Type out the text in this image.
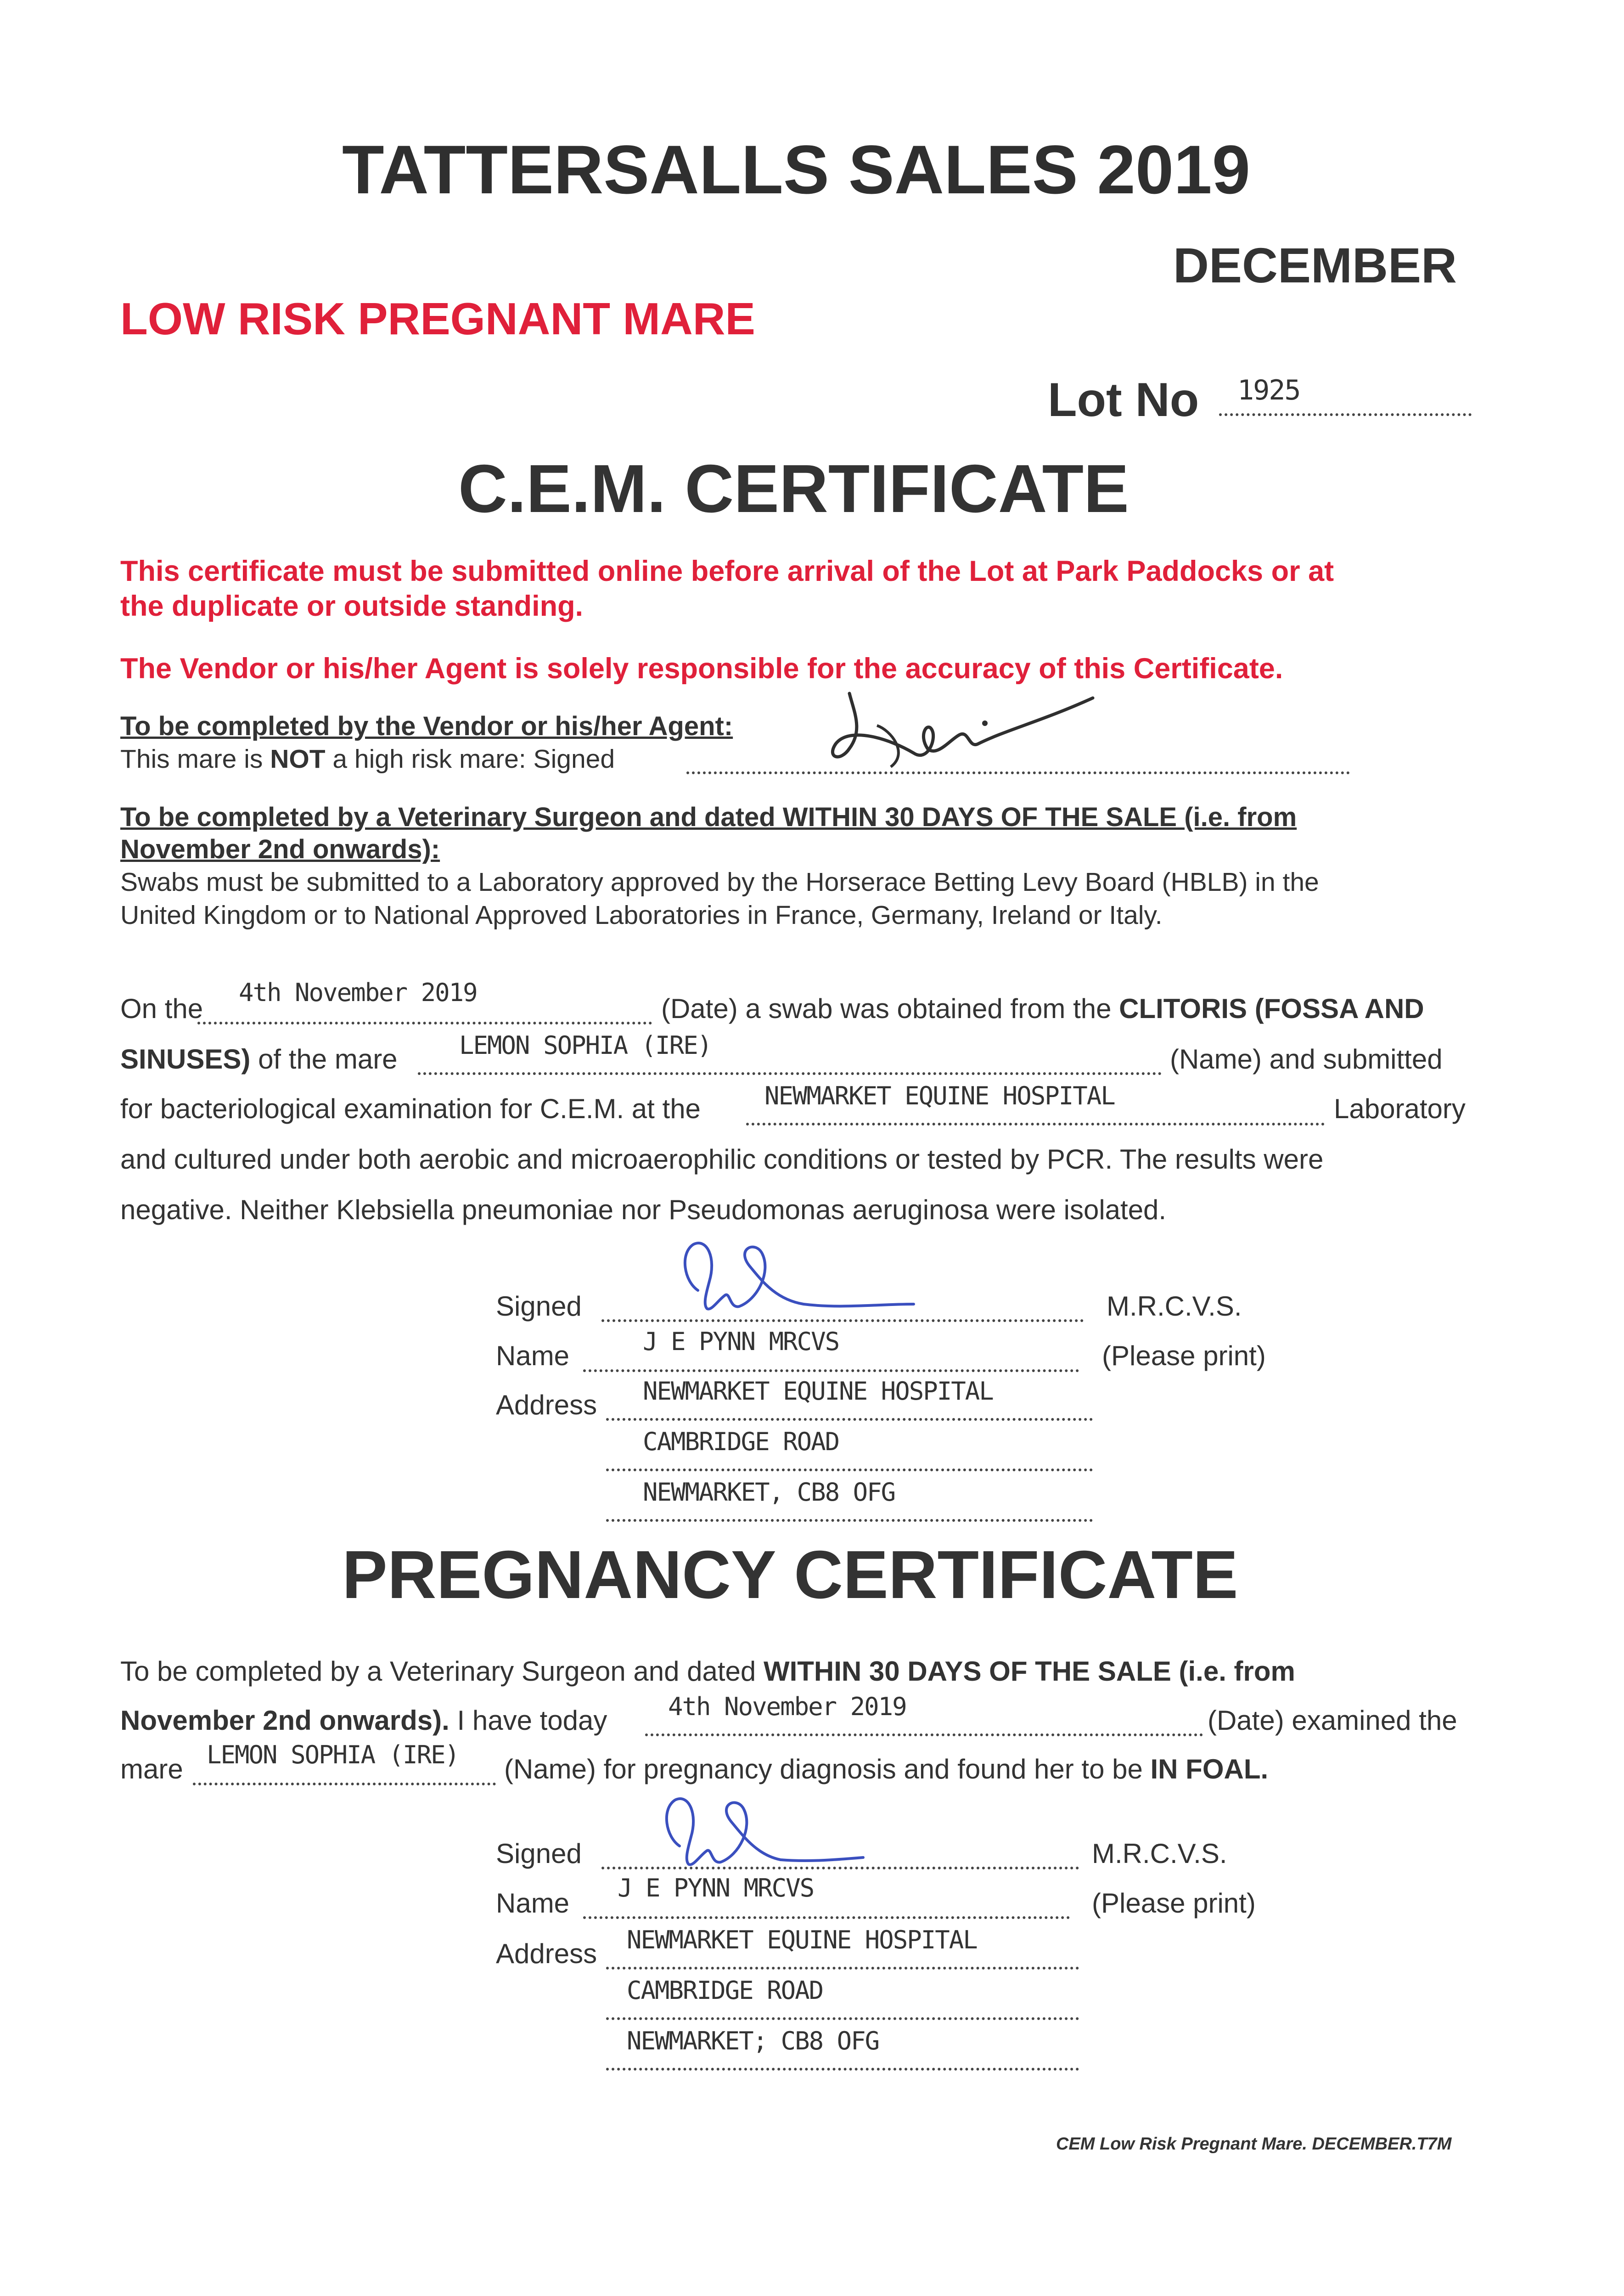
TATTERSALLS SALES 2019
DECEMBER
LOW RISK PREGNANT MARE
Lot No 1925
C.E.M. CERTIFICATE
This certificate must be submitted online before arrival of the Lot at Park Paddocks or at
the duplicate or outside standing.
The Vendor or his/her Agent is solely responsible for the accuracy of this Certificate.
To be completed by the Vendor or his/her Agent:
This mare is NOT a high risk mare: Signed
To be completed by a Veterinary Surgeon and dated WITHIN 30 DAYS OF THE SALE (i.e. from
November 2nd onwards):
Swabs must be submitted to a Laboratory approved by the Horserace Betting Levy Board (HBLB) in the
United Kingdom or to National Approved Laboratories in France, Germany, Ireland or Italy.
On the
4th November 2019
(Date) a swab was obtained from the CLITORIS (FOSSA AND
SINUSES) of the mare LEMON SOPHIA (IRE)	(Name) and submitted
for bacteriological examination for C.E.M. at the	NEWMARKET EQUINE HOSPITAL	Laboratory
and cultured under both aerobic and microaerophilic conditions or tested by PCR. The results were
negative. Neither Klebsiella pneumoniae nor Pseudomonas aeruginosa were isolated.
Signed	M.R.C.V.S.
Name	J E PYNN MRCVS	(Please print)
Address NEWMARKET EQUINE HOSPITAL
CAMBRIDGE ROAD
NEWMARKET, CB8 OFG
PREGNANCY CERTIFICATE
To be completed by a Veterinary Surgeon and dated WITHIN 30 DAYS OF THE SALE (i.e. from
November 2nd onwards). I have today 4th November 2019	(Date) examined the
mare LEMON SOPHIA (IRE) (Name) for pregnancy diagnosis and found her to be IN FOAL.
Signed	M.R.C.V.S.
Name J E PYNN MRCVS	(Please print)
Address NEWMARKET EQUINE HOSPITAL
CAMBRIDGE ROAD
NEWMARKET; CB8 OFG
CEM Low Risk Pregnant Mare. DECEMBER.T7M
